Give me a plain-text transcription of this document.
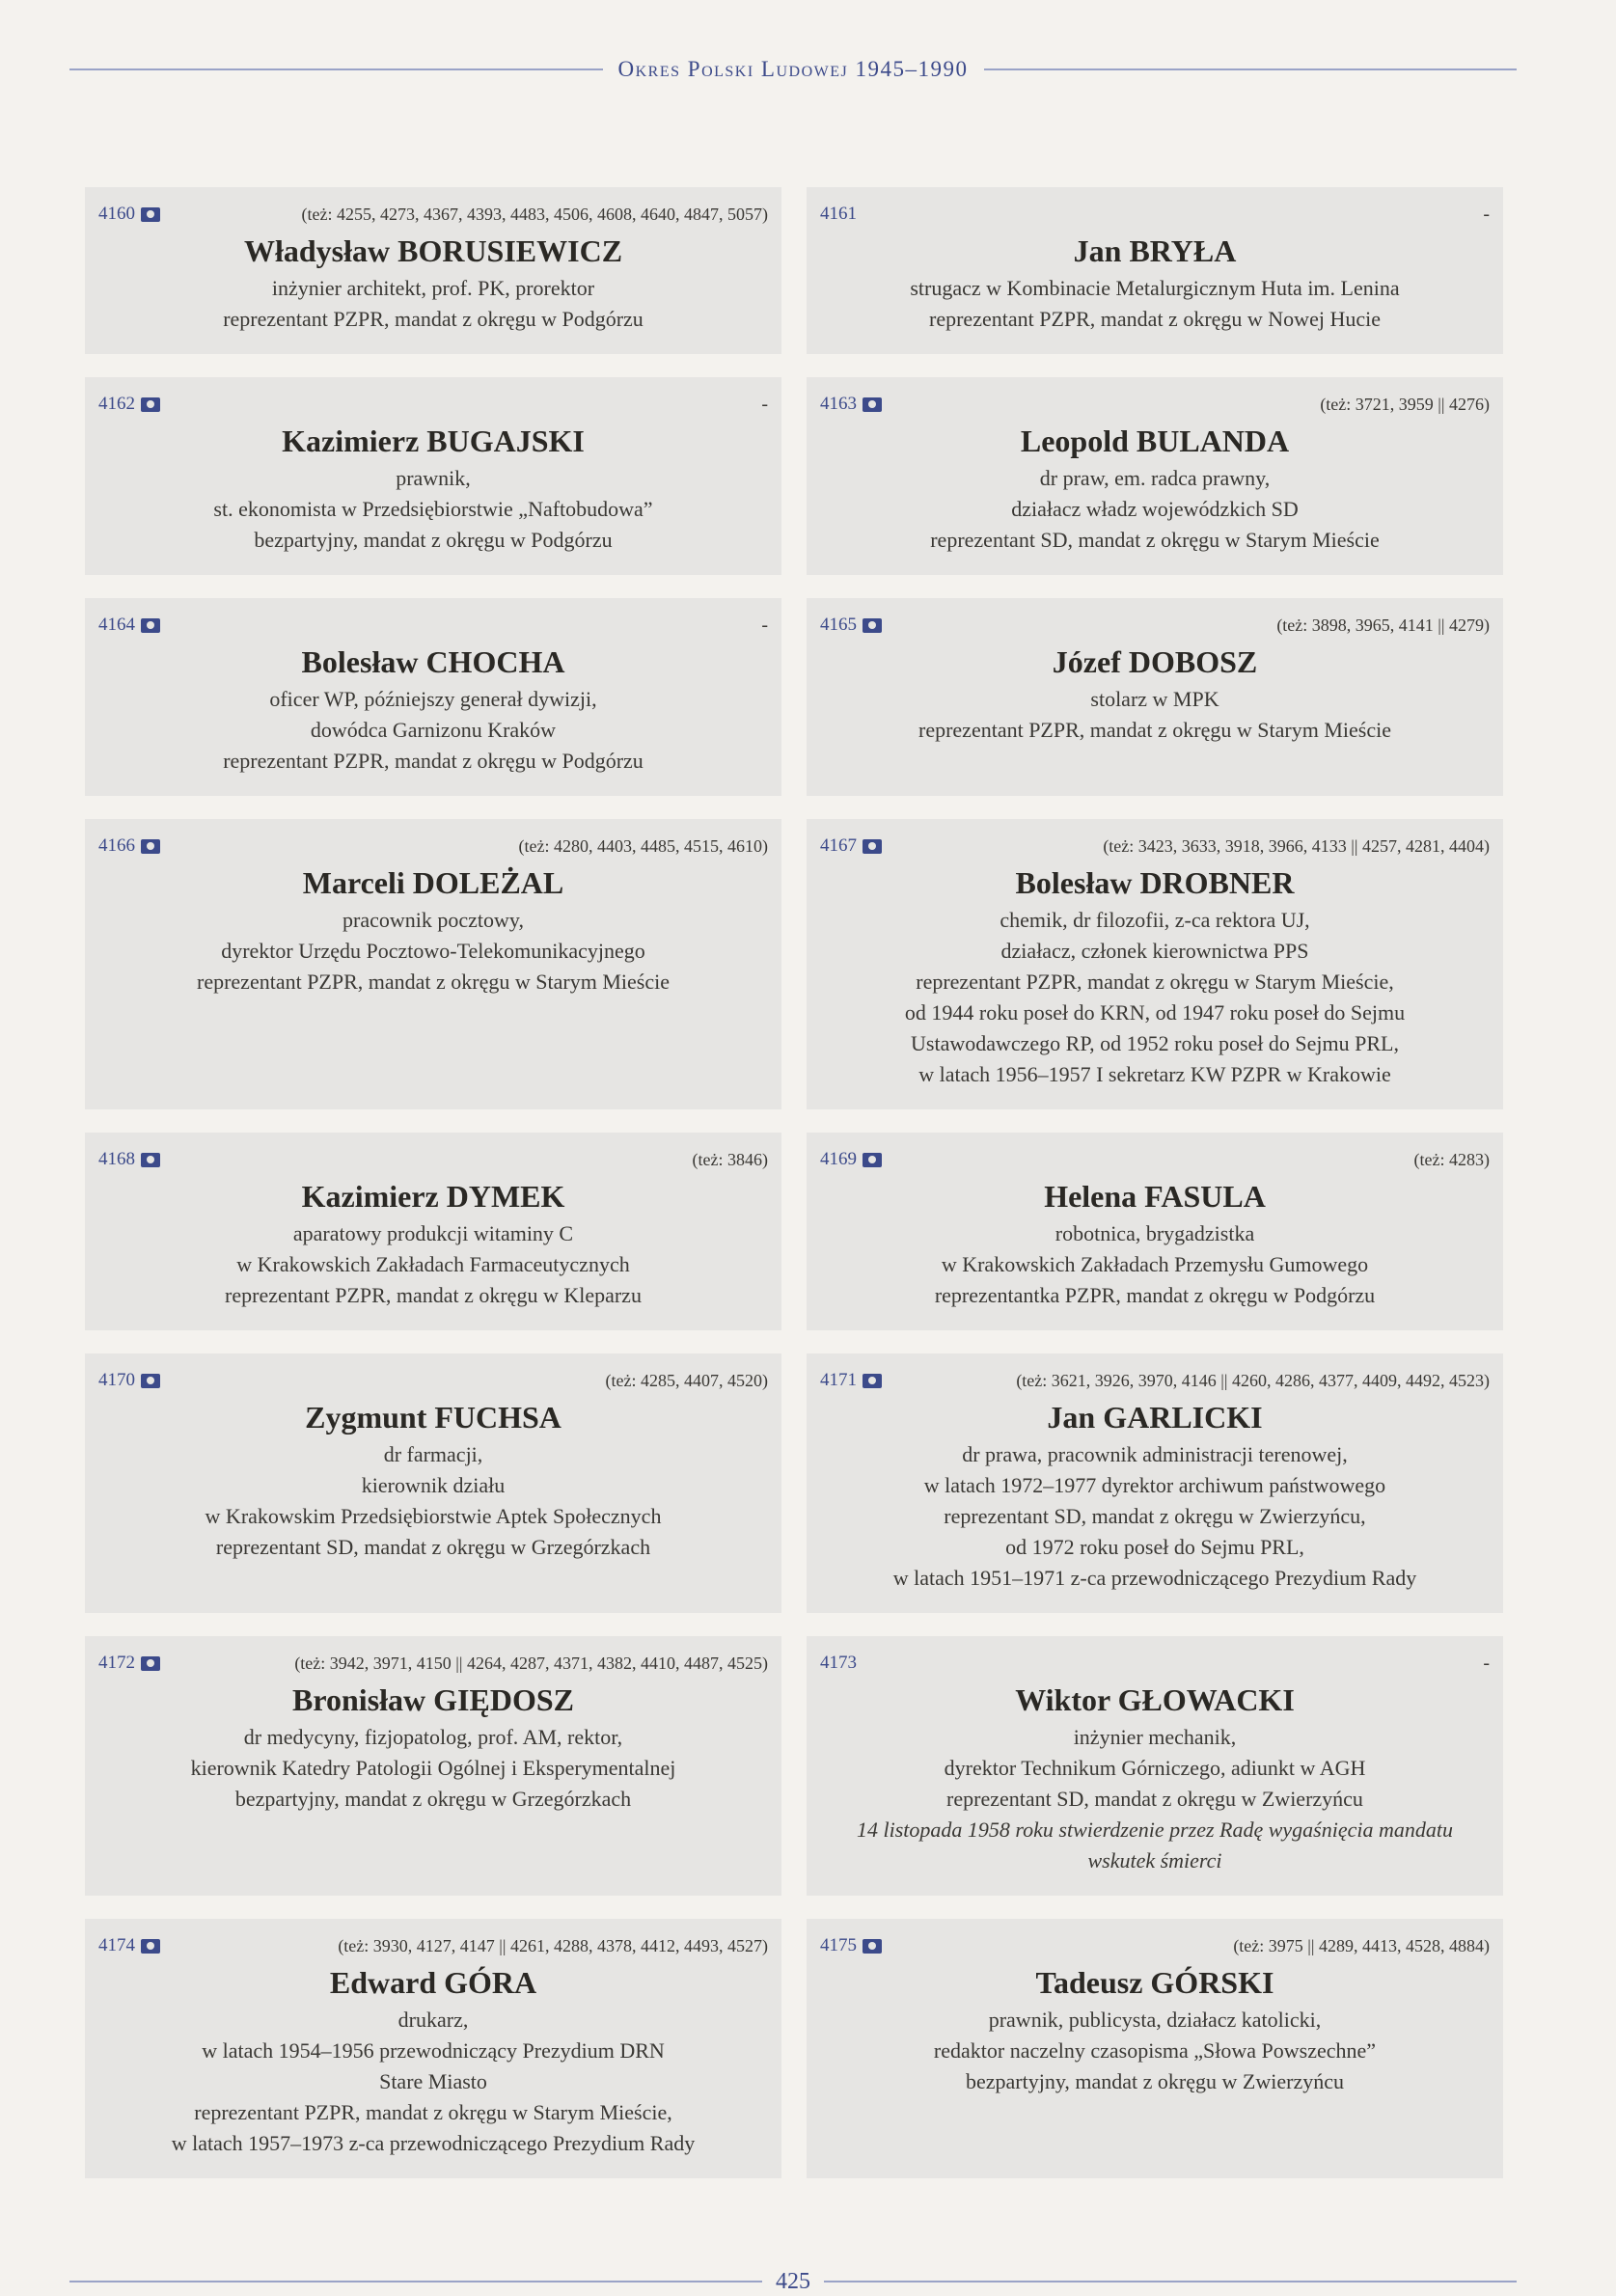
Okres Polski Ludowej 1945–1990
4160	(też: 4255, 4273, 4367, 4393, 4483, 4506, 4608, 4640, 4847, 5057)
Władysław BORUSIEWICZ
inżynier architekt, prof. PK, prorektor
reprezentant PZPR, mandat z okręgu w Podgórzu
4161	-
Jan BRYŁA
strugacz w Kombinacie Metalurgicznym Huta im. Lenina
reprezentant PZPR, mandat z okręgu w Nowej Hucie
4162	-
Kazimierz BUGAJSKI
prawnik,
st. ekonomista w Przedsiębiorstwie „Naftobudowa”
bezpartyjny, mandat z okręgu w Podgórzu
4163	(też: 3721, 3959 || 4276)
Leopold BULANDA
dr praw, em. radca prawny,
działacz władz wojewódzkich SD
reprezentant SD, mandat z okręgu w Starym Mieście
4164	-
Bolesław CHOCHA
oficer WP, późniejszy generał dywizji,
dowódca Garnizonu Kraków
reprezentant PZPR, mandat z okręgu w Podgórzu
4165	(też: 3898, 3965, 4141 || 4279)
Józef DOBOSZ
stolarz w MPK
reprezentant PZPR, mandat z okręgu w Starym Mieście
4166	(też: 4280, 4403, 4485, 4515, 4610)
Marceli DOLEŻAL
pracownik pocztowy,
dyrektor Urzędu Pocztowo-Telekomunikacyjnego
reprezentant PZPR, mandat z okręgu w Starym Mieście
4167	(też: 3423, 3633, 3918, 3966, 4133 || 4257, 4281, 4404)
Bolesław DROBNER
chemik, dr filozofii, z-ca rektora UJ,
działacz, członek kierownictwa PPS
reprezentant PZPR, mandat z okręgu w Starym Mieście,
od 1944 roku poseł do KRN, od 1947 roku poseł do Sejmu
Ustawodawczego RP, od 1952 roku poseł do Sejmu PRL,
w latach 1956–1957 I sekretarz KW PZPR w Krakowie
4168	(też: 3846)
Kazimierz DYMEK
aparatowy produkcji witaminy C
w Krakowskich Zakładach Farmaceutycznych
reprezentant PZPR, mandat z okręgu w Kleparzu
4169	(też: 4283)
Helena FASULA
robotnica, brygadzistka
w Krakowskich Zakładach Przemysłu Gumowego
reprezentantka PZPR, mandat z okręgu w Podgórzu
4170	(też: 4285, 4407, 4520)
Zygmunt FUCHSA
dr farmacji,
kierownik działu
w Krakowskim Przedsiębiorstwie Aptek Społecznych
reprezentant SD, mandat z okręgu w Grzegórzkach
4171	(też: 3621, 3926, 3970, 4146 || 4260, 4286, 4377, 4409, 4492, 4523)
Jan GARLICKI
dr prawa, pracownik administracji terenowej,
w latach 1972–1977 dyrektor archiwum państwowego
reprezentant SD, mandat z okręgu w Zwierzyńcu,
od 1972 roku poseł do Sejmu PRL,
w latach 1951–1971 z-ca przewodniczącego Prezydium Rady
4172	(też: 3942, 3971, 4150 || 4264, 4287, 4371, 4382, 4410, 4487, 4525)
Bronisław GIĘDOSZ
dr medycyny, fizjopatolog, prof. AM, rektor,
kierownik Katedry Patologii Ogólnej i Eksperymentalnej
bezpartyjny, mandat z okręgu w Grzegórzkach
4173	-
Wiktor GŁOWACKI
inżynier mechanik,
dyrektor Technikum Górniczego, adiunkt w AGH
reprezentant SD, mandat z okręgu w Zwierzyńcu
14 listopada 1958 roku stwierdzenie przez Radę wygaśnięcia mandatu
wskutek śmierci
4174	(też: 3930, 4127, 4147 || 4261, 4288, 4378, 4412, 4493, 4527)
Edward GÓRA
drukarz,
w latach 1954–1956 przewodniczący Prezydium DRN
Stare Miasto
reprezentant PZPR, mandat z okręgu w Starym Mieście,
w latach 1957–1973 z-ca przewodniczącego Prezydium Rady
4175	(też: 3975 || 4289, 4413, 4528, 4884)
Tadeusz GÓRSKI
prawnik, publicysta, działacz katolicki,
redaktor naczelny czasopisma „Słowa Powszechne”
bezpartyjny, mandat z okręgu w Zwierzyńcu
425
